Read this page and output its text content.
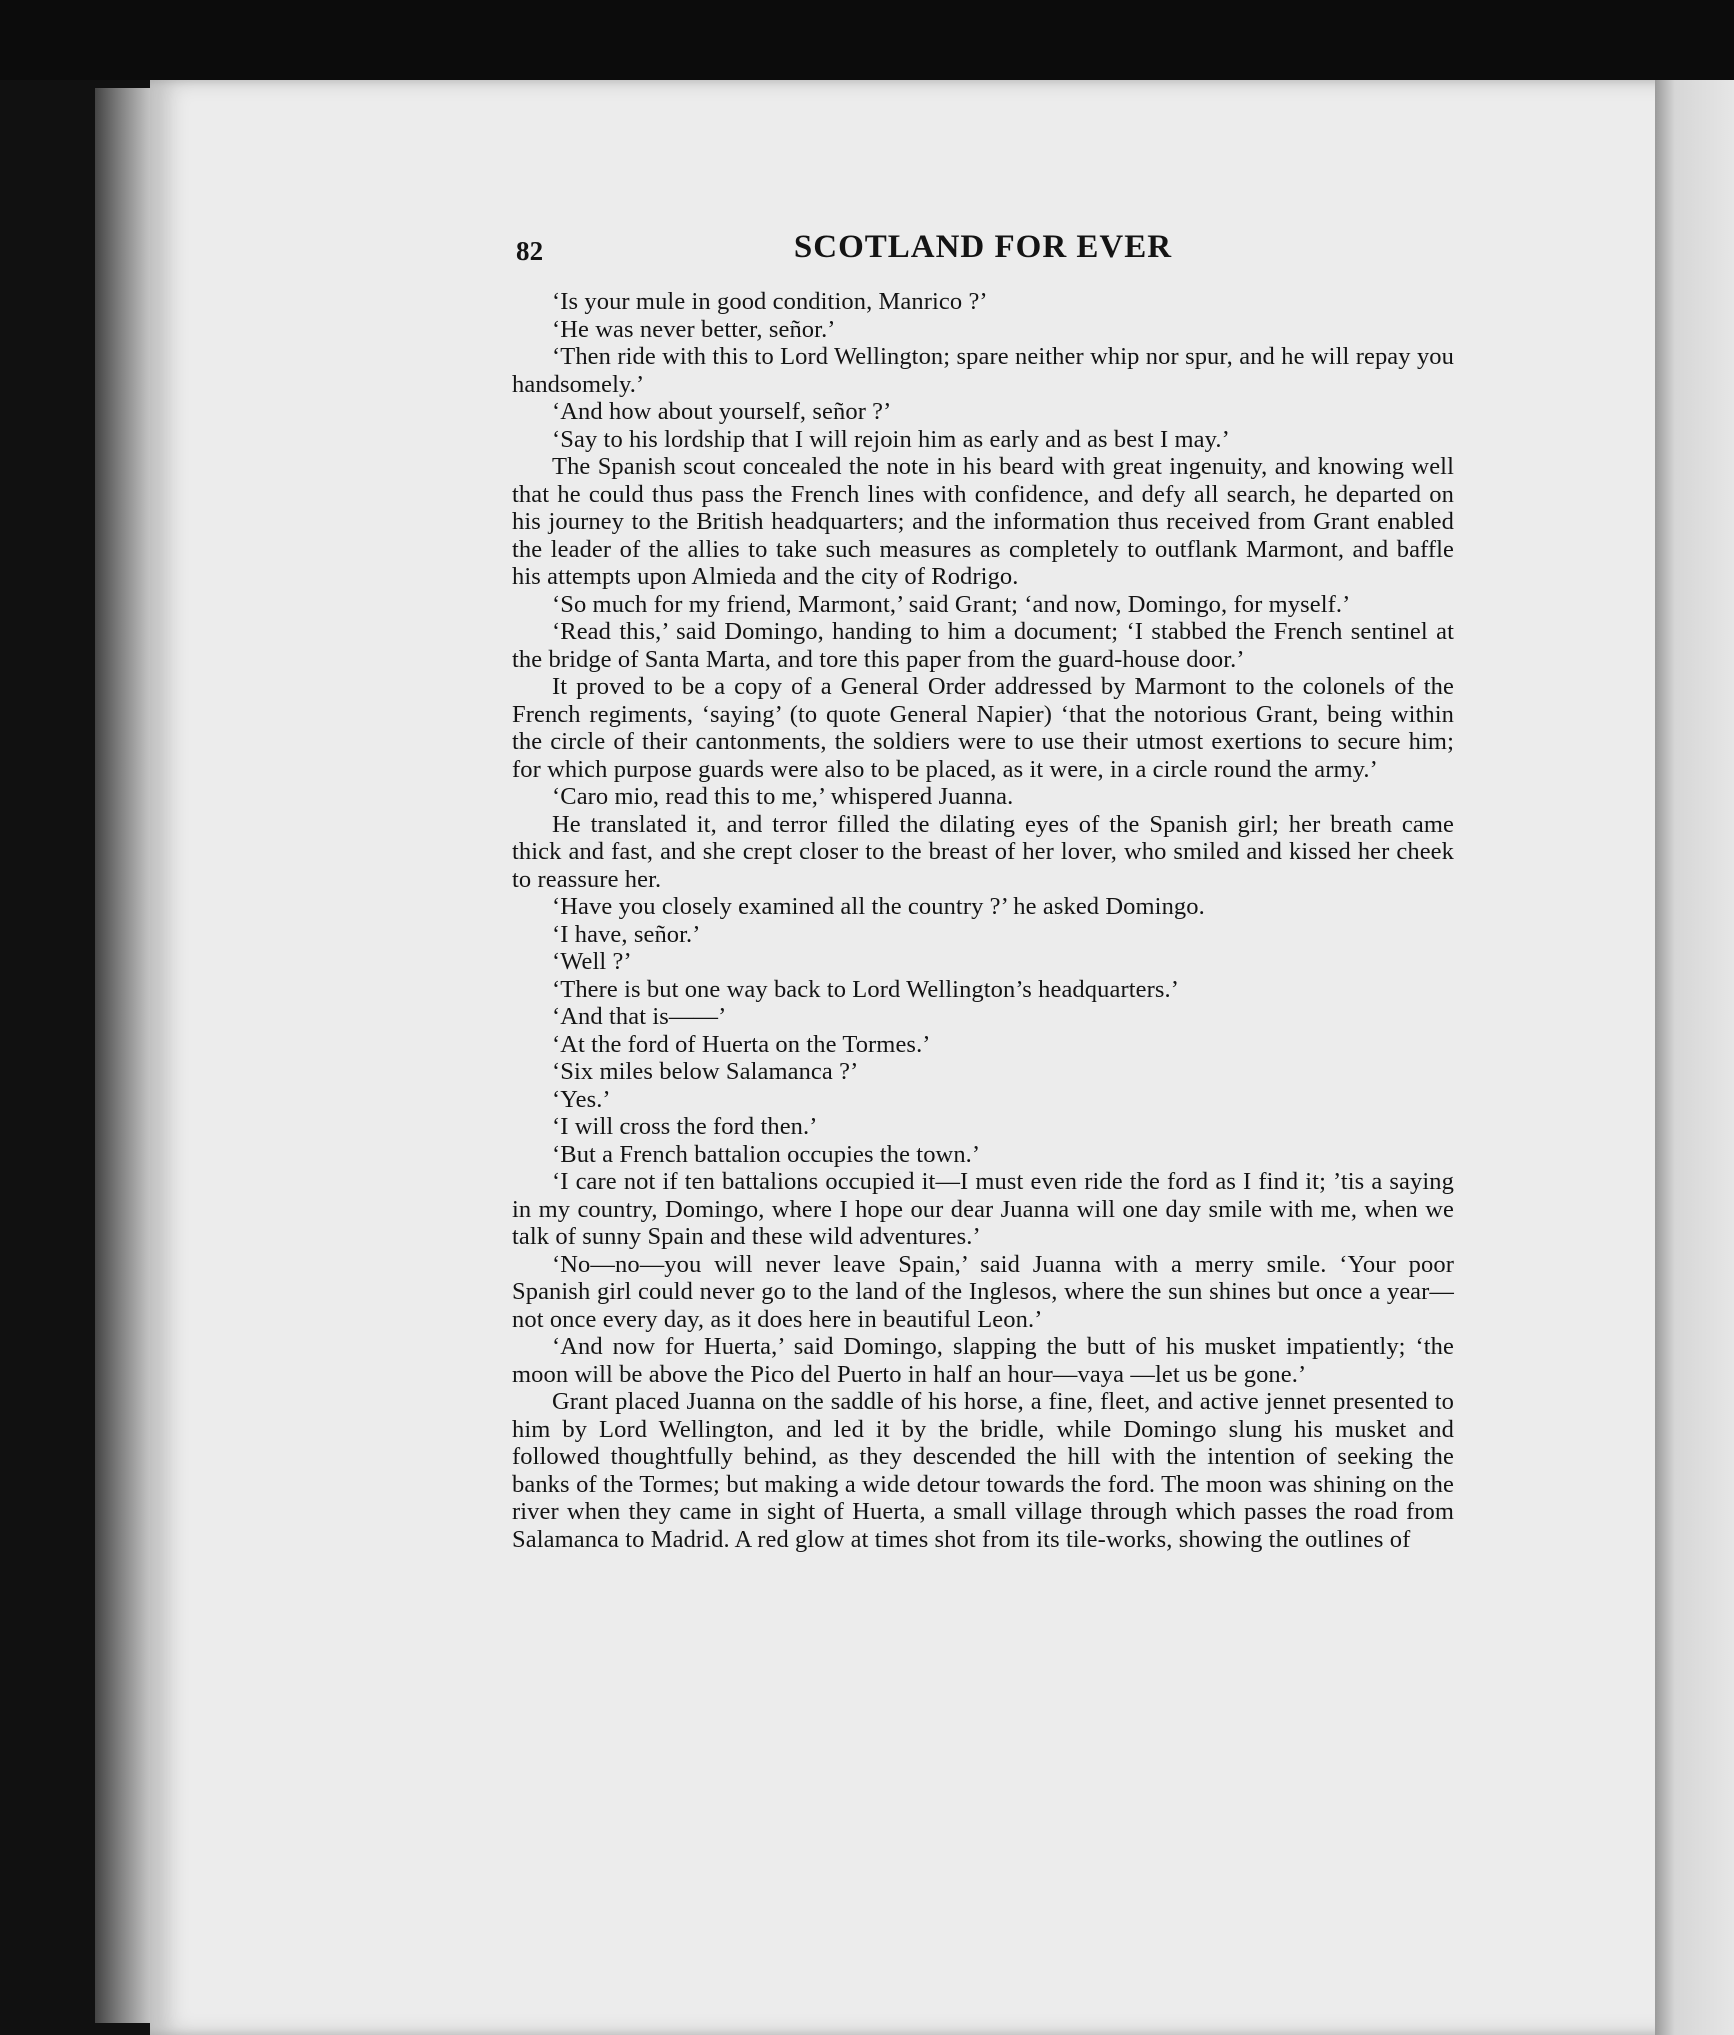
82	SCOTLAND FOR EVER

‘Is your mule in good condition, Manrico ?’

‘He was never better, señor.’

‘Then ride with this to Lord Wellington; spare neither whip nor spur, and he will repay you handsomely.’

‘And how about yourself, señor ?’

‘Say to his lordship that I will rejoin him as early and as best I may.’

The Spanish scout concealed the note in his beard with great ingenuity, and knowing well that he could thus pass the French lines with confidence, and defy all search, he departed on his journey to the British headquarters; and the information thus received from Grant enabled the leader of the allies to take such measures as completely to outflank Marmont, and baffle his attempts upon Almieda and the city of Rodrigo.

‘So much for my friend, Marmont,’ said Grant; ‘and now, Domingo, for myself.’

‘Read this,’ said Domingo, handing to him a document; ‘I stabbed the French sentinel at the bridge of Santa Marta, and tore this paper from the guard-house door.’

It proved to be a copy of a General Order addressed by Marmont to the colonels of the French regiments, ‘saying’ (to quote General Napier) ‘that the notorious Grant, being within the circle of their cantonments, the soldiers were to use their utmost exertions to secure him; for which purpose guards were also to be placed, as it were, in a circle round the army.’

‘Caro mio, read this to me,’ whispered Juanna.

He translated it, and terror filled the dilating eyes of the Spanish girl; her breath came thick and fast, and she crept closer to the breast of her lover, who smiled and kissed her cheek to reassure her.

‘Have you closely examined all the country ?’ he asked Domingo.

‘I have, señor.’

‘Well ?’

‘There is but one way back to Lord Wellington’s headquarters.’

‘And that is——’

‘At the ford of Huerta on the Tormes.’

‘Six miles below Salamanca ?’

‘Yes.’

‘I will cross the ford then.’

‘But a French battalion occupies the town.’

‘I care not if ten battalions occupied it—I must even ride the ford as I find it; ’tis a saying in my country, Domingo, where I hope our dear Juanna will one day smile with me, when we talk of sunny Spain and these wild adventures.’

‘No—no—you will never leave Spain,’ said Juanna with a merry smile. ‘Your poor Spanish girl could never go to the land of the Inglesos, where the sun shines but once a year—not once every day, as it does here in beautiful Leon.’

‘And now for Huerta,’ said Domingo, slapping the butt of his musket impatiently; ‘the moon will be above the Pico del Puerto in half an hour—vaya —let us be gone.’

Grant placed Juanna on the saddle of his horse, a fine, fleet, and active jennet presented to him by Lord Wellington, and led it by the bridle, while Domingo slung his musket and followed thoughtfully behind, as they descended the hill with the intention of seeking the banks of the Tormes; but making a wide detour towards the ford. The moon was shining on the river when they came in sight of Huerta, a small village through which passes the road from Salamanca to Madrid. A red glow at times shot from its tile-works, showing the outlines of
